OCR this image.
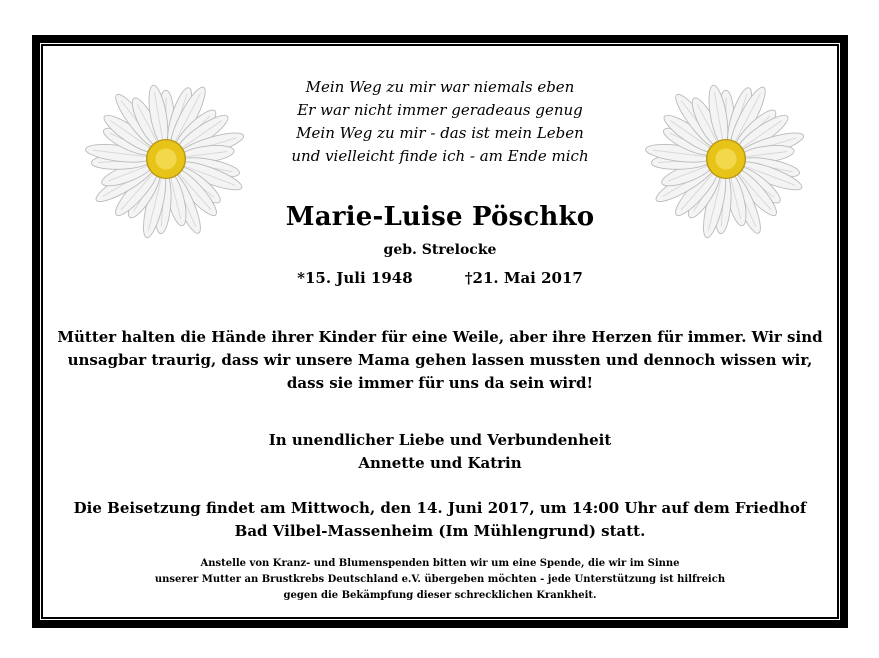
Mein Weg zu mir war niemals eben
Er war nicht immer geradeaus genug
Mein Weg zu mir - das ist mein Leben
und vielleicht finde ich - am Ende mich
Marie-Luise Pöschko
geb. Strelocke
*15. Juli 1948	†21. Mai 2017
Mütter halten die Hände ihrer Kinder für eine Weile, aber ihre Herzen für immer. Wir sind
unsagbar traurig, dass wir unsere Mama gehen lassen mussten und dennoch wissen wir,
dass sie immer für uns da sein wird!
In unendlicher Liebe und Verbundenheit
Annette und Katrin
Die Beisetzung findet am Mittwoch, den 14. Juni 2017, um 14:00 Uhr auf dem Friedhof
Bad Vilbel-Massenheim (Im Mühlengrund) statt.
Anstelle von Kranz- und Blumenspenden bitten wir um eine Spende, die wir im Sinne
unserer Mutter an Brustkrebs Deutschland e.V. übergeben möchten - jede Unterstützung ist hilfreich
gegen die Bekämpfung dieser schrecklichen Krankheit.
